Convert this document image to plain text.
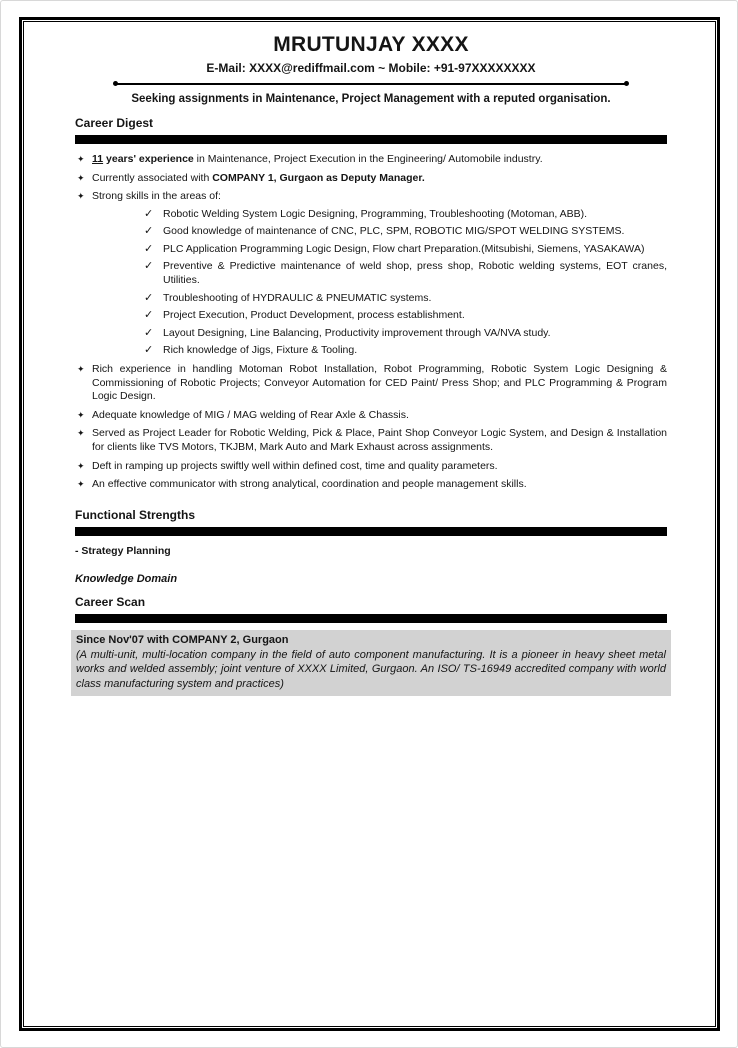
MRUTUNJAY XXXX
E-Mail: XXXX@rediffmail.com ~ Mobile: +91-97XXXXXXXX
Seeking assignments in Maintenance, Project Management with a reputed organisation.
Career Digest
✦ 11 years' experience in Maintenance, Project Execution in the Engineering/ Automobile industry.
✦ Currently associated with COMPANY 1, Gurgaon as Deputy Manager.
✦ Strong skills in the areas of:
✓ Robotic Welding System Logic Designing, Programming, Troubleshooting (Motoman, ABB).
✓ Good knowledge of maintenance of CNC, PLC, SPM, ROBOTIC MIG/SPOT WELDING SYSTEMS.
✓ PLC Application Programming Logic Design, Flow chart Preparation.(Mitsubishi, Siemens, YASAKAWA)
✓ Preventive & Predictive maintenance of weld shop, press shop, Robotic welding systems, EOT cranes, Utilities.
✓ Troubleshooting of HYDRAULIC & PNEUMATIC systems.
✓ Project Execution, Product Development, process establishment.
✓ Layout Designing, Line Balancing, Productivity improvement through VA/NVA study.
✓ Rich knowledge of Jigs, Fixture & Tooling.
✦ Rich experience in handling Motoman Robot Installation, Robot Programming, Robotic System Logic Designing & Commissioning of Robotic Projects; Conveyor Automation for CED Paint/ Press Shop; and PLC Programming & Program Logic Design.
✦ Adequate knowledge of MIG / MAG welding of Rear Axle & Chassis.
✦ Served as Project Leader for Robotic Welding, Pick & Place, Paint Shop Conveyor Logic System, and Design & Installation for clients like TVS Motors, TKJBM, Mark Auto and Mark Exhaust across assignments.
✦ Deft in ramping up projects swiftly well within defined cost, time and quality parameters.
✦ An effective communicator with strong analytical, coordination and people management skills.
Functional Strengths
- Strategy Planning
Knowledge Domain
Career Scan
Since Nov'07 with COMPANY 2, Gurgaon
(A multi-unit, multi-location company in the field of auto component manufacturing. It is a pioneer in heavy sheet metal works and welded assembly; joint venture of XXXX Limited, Gurgaon. An ISO/ TS-16949 accredited company with world class manufacturing system and practices)
